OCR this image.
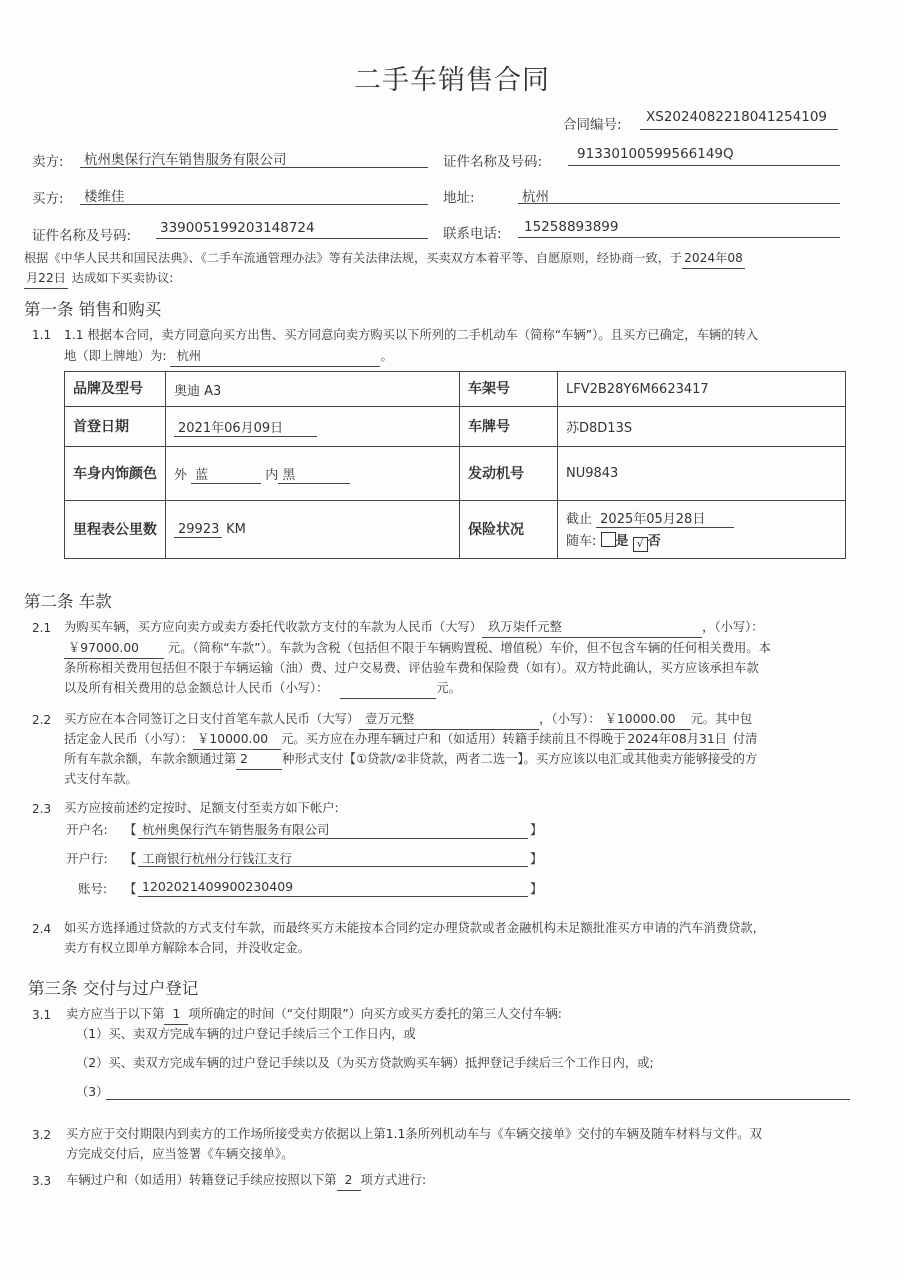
二手车销售合同
合同编号: XS20240822180412541​09
卖方: 杭州奥保行汽车销售服务有限公司	证件名称及号码:	91330100599566149Q
买方: 楼维佳	地址:	杭州
证件名称及号码: 339005199203148724	联系电话: 15258893899
根据《中华人民共和国民法典》、《二手车流通管理办法》等有关法律法规，买卖双方本着平等、自愿原则，经协商一致，于 2024年08
月22日 达成如下买卖协议:
第一条 销售和购买
1.1 1.1 根据本合同，卖方同意向买方出售、买方同意向卖方购买以下所列的二手机动车（简称“车辆”）。且买方已确定，车辆的转入
地（即上牌地）为: 杭州	。
品牌及型号	奥迪 A3	车架号	LFV2B28Y6M6623417
首登日期	2021年06月09日	车牌号	苏D8D13S
车身内饰颜色	外 蓝 内 黑	发动机号	NU9843
里程表公里数	29923 KM	保险状况	截止 2025年05月28日
随车: 是 √ 否
第二条 车款
2.1 为购买车辆，买方应向卖方或卖方委托代收款方支付的车款为人民币（大写） 玖万柒仟元整	，（小写）：
￥97000.00 元。（简称“车款”）。车款为含税（包括但不限于车辆购置税、增值税）车价，但不包含车辆的任何相关费用。本
条所称相关费用包括但不限于车辆运输（油）费、过户交易费、评估验车费和保险费（如有）。双方特此确认，买方应该承担车款
以及所有相关费用的总金额总计人民币（小写）：	元。
2.2 买方应在本合同签订之日支付首笔车款人民币（大写） 壹万元整	，（小写）： ￥10000.00 元。其中包
括定金人民币（小写）： ￥10000.00 元。买方应在办理车辆过户和（如适用）转籍手续前且不得晚于 2024年08月31日 付清
所有车款余额，车款余额通过第 2	种形式支付【①贷款/②非贷款，两者二选一】。买方应该以电汇或其他卖方能够接受的方
式支付车款。
2.3 买方应按前述约定按时、足额支付至卖方如下帐户:
开户名: 【 杭州奥保行汽车销售服务有限公司	】
开户行: 【 工商银行杭州分行钱江支行	】
账号: 【 1202021409900230409	】
2.4 如买方选择通过贷款的方式支付车款，而最终买方未能按本合同约定办理贷款或者金融机构未足额批准买方申请的汽车消费贷款，
卖方有权立即单方解除本合同，并没收定金。
第三条 交付与过户登记
3.1 卖方应当于以下第 1 项所确定的时间（“交付期限”）向买方或买方委托的第三人交付车辆:
（1）买、卖双方完成车辆的过户登记手续后三个工作日内，或
（2）买、卖双方完成车辆的过户登记手续以及（为买方贷款购买车辆）抵押登记手续后三个工作日内，或;
（3）
3.2 买方应于交付期限内到卖方的工作场所接受卖方依据以上第1.1条所列机动车与《车辆交接单》交付的车辆及随车材料与文件。双
方完成交付后，应当签署《车辆交接单》。
3.3 车辆过户和（如适用）转籍登记手续应按照以下第 2 项方式进行:
